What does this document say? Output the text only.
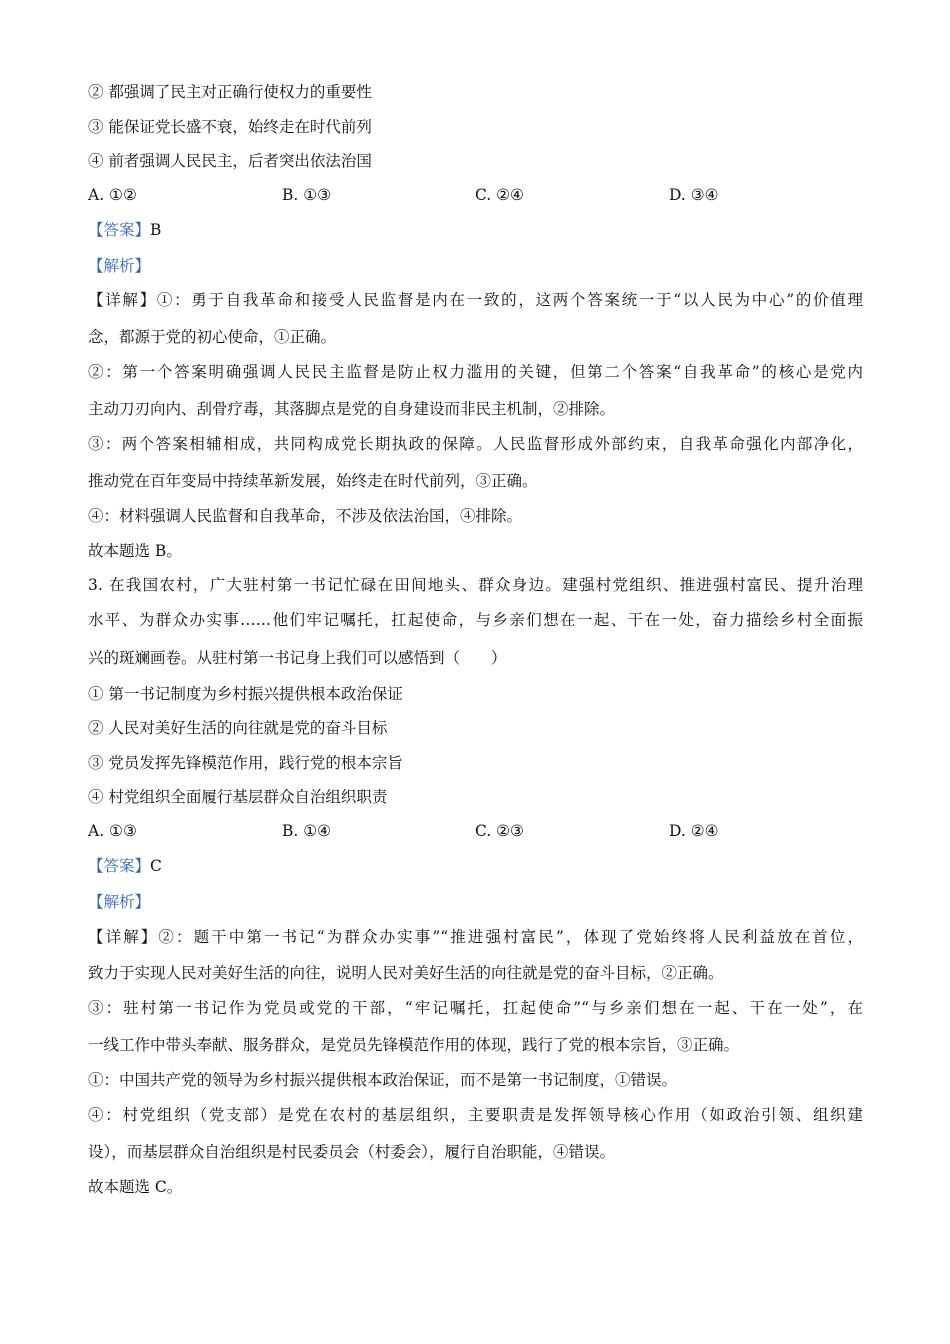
② 都强调了民主对正确行使权力的重要性
③ 能保证党长盛不衰，始终走在时代前列
④ 前者强调人民民主，后者突出依法治国
A. ①②	B. ①③	C. ②④	D. ③④
【答案】B
【解析】
【详解】①：勇于自我革命和接受人民监督是内在一致的，这两个答案统一于“以人民为中心”的价值理
念，都源于党的初心使命，①正确。
②：第一个答案明确强调人民民主监督是防止权力滥用的关键，但第二个答案“自我革命”的核心是党内
主动刀刃向内、刮骨疗毒，其落脚点是党的自身建设而非民主机制，②排除。
③：两个答案相辅相成，共同构成党长期执政的保障。人民监督形成外部约束，自我革命强化内部净化，
推动党在百年变局中持续革新发展，始终走在时代前列，③正确。
④：材料强调人民监督和自我革命，不涉及依法治国，④排除。
故本题选 B。
3. 在我国农村，广大驻村第一书记忙碌在田间地头、群众身边。建强村党组织、推进强村富民、提升治理
水平、为群众办实事……他们牢记嘱托，扛起使命，与乡亲们想在一起、干在一处，奋力描绘乡村全面振
兴的斑斓画卷。从驻村第一书记身上我们可以感悟到（　　）
① 第一书记制度为乡村振兴提供根本政治保证
② 人民对美好生活的向往就是党的奋斗目标
③ 党员发挥先锋模范作用，践行党的根本宗旨
④ 村党组织全面履行基层群众自治组织职责
A. ①③	B. ①④	C. ②③	D. ②④
【答案】C
【解析】
【详解】②：题干中第一书记“为群众办实事”“推进强村富民”，体现了党始终将人民利益放在首位，
致力于实现人民对美好生活的向往，说明人民对美好生活的向往就是党的奋斗目标，②正确。
③：驻村第一书记作为党员或党的干部，“牢记嘱托，扛起使命”“与乡亲们想在一起、干在一处”，在
一线工作中带头奉献、服务群众，是党员先锋模范作用的体现，践行了党的根本宗旨，③正确。
①：中国共产党的领导为乡村振兴提供根本政治保证，而不是第一书记制度，①错误。
④：村党组织（党支部）是党在农村的基层组织，主要职责是发挥领导核心作用（如政治引领、组织建
设），而基层群众自治组织是村民委员会（村委会），履行自治职能，④错误。
故本题选 C。
